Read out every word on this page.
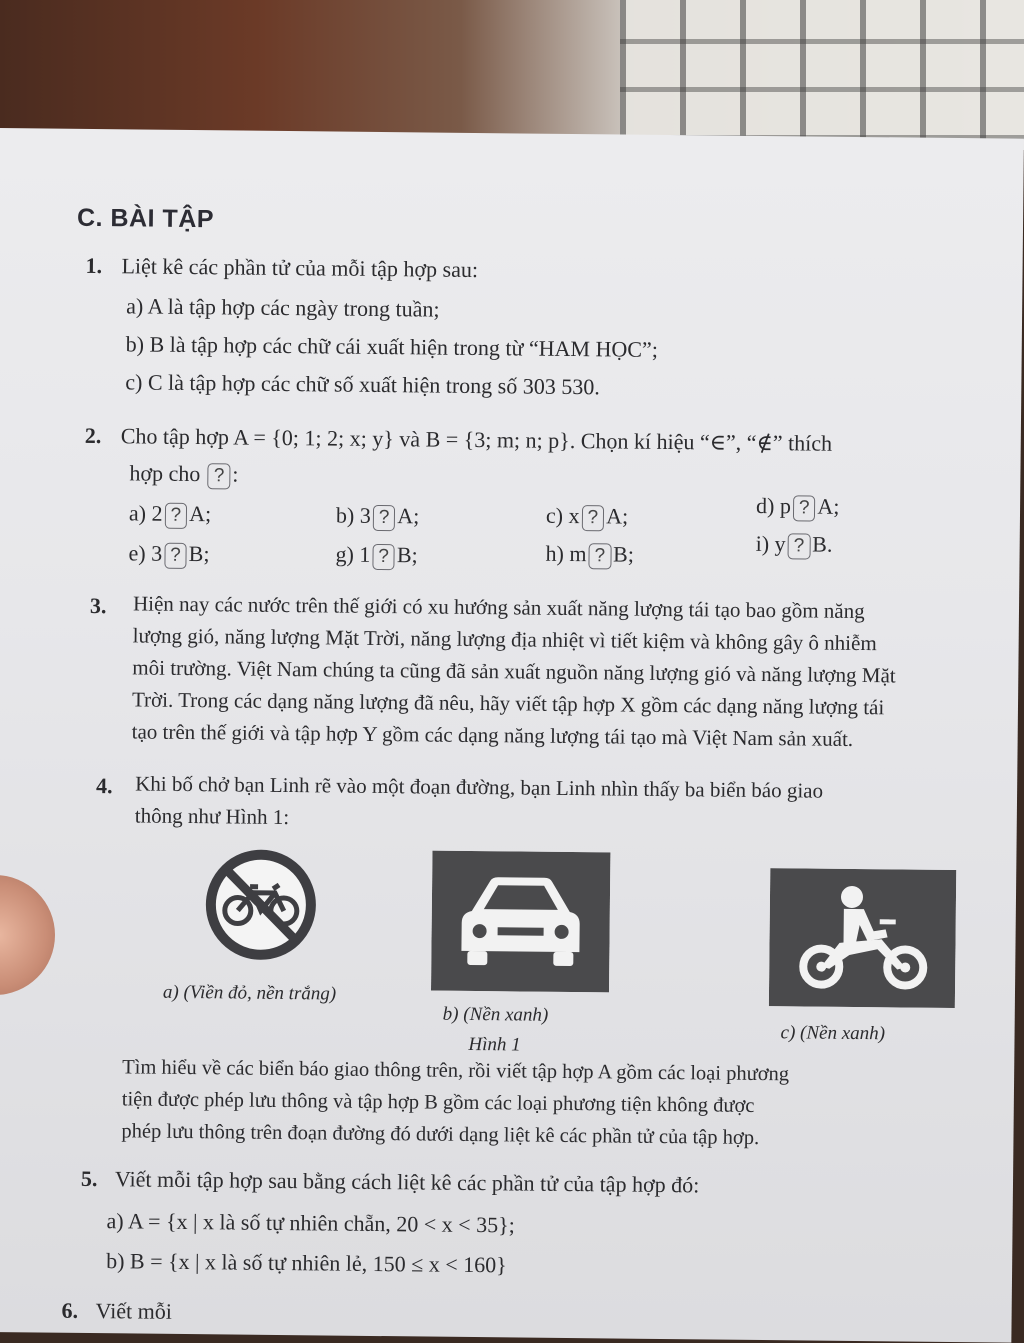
C. BÀI TẬP
1. Liệt kê các phần tử của mỗi tập hợp sau:
a) A là tập hợp các ngày trong tuần;
b) B là tập hợp các chữ cái xuất hiện trong từ “HAM HỌC”;
c) C là tập hợp các chữ số xuất hiện trong số 303 530.
2. Cho tập hợp A = {0; 1; 2; x; y} và B = {3; m; n; p}. Chọn kí hiệu “∈”, “∉” thích
hợp cho ? :
a) 2 ? A;	b) 3 ? A;	c) x ? A;	d) p ? A;
e) 3 ? B;	g) 1 ? B;	h) m ? B;	i) y ? B.
3. Hiện nay các nước trên thế giới có xu hướng sản xuất năng lượng tái tạo bao gồm năng
lượng gió, năng lượng Mặt Trời, năng lượng địa nhiệt vì tiết kiệm và không gây ô nhiễm
môi trường. Việt Nam chúng ta cũng đã sản xuất nguồn năng lượng gió và năng lượng Mặt
Trời. Trong các dạng năng lượng đã nêu, hãy viết tập hợp X gồm các dạng năng lượng tái
tạo trên thế giới và tập hợp Y gồm các dạng năng lượng tái tạo mà Việt Nam sản xuất.
4. Khi bố chở bạn Linh rẽ vào một đoạn đường, bạn Linh nhìn thấy ba biển báo giao
thông như Hình 1:
a) (Viền đỏ, nền trắng)
b) (Nền xanh)
Hình 1
c) (Nền xanh)
Tìm hiểu về các biển báo giao thông trên, rồi viết tập hợp A gồm các loại phương
tiện được phép lưu thông và tập hợp B gồm các loại phương tiện không được
phép lưu thông trên đoạn đường đó dưới dạng liệt kê các phần tử của tập hợp.
5. Viết mỗi tập hợp sau bằng cách liệt kê các phần tử của tập hợp đó:
a) A = {x | x là số tự nhiên chẵn, 20 < x < 35};
b) B = {x | x là số tự nhiên lẻ, 150 ≤ x < 160}
6. Viết mỗi
